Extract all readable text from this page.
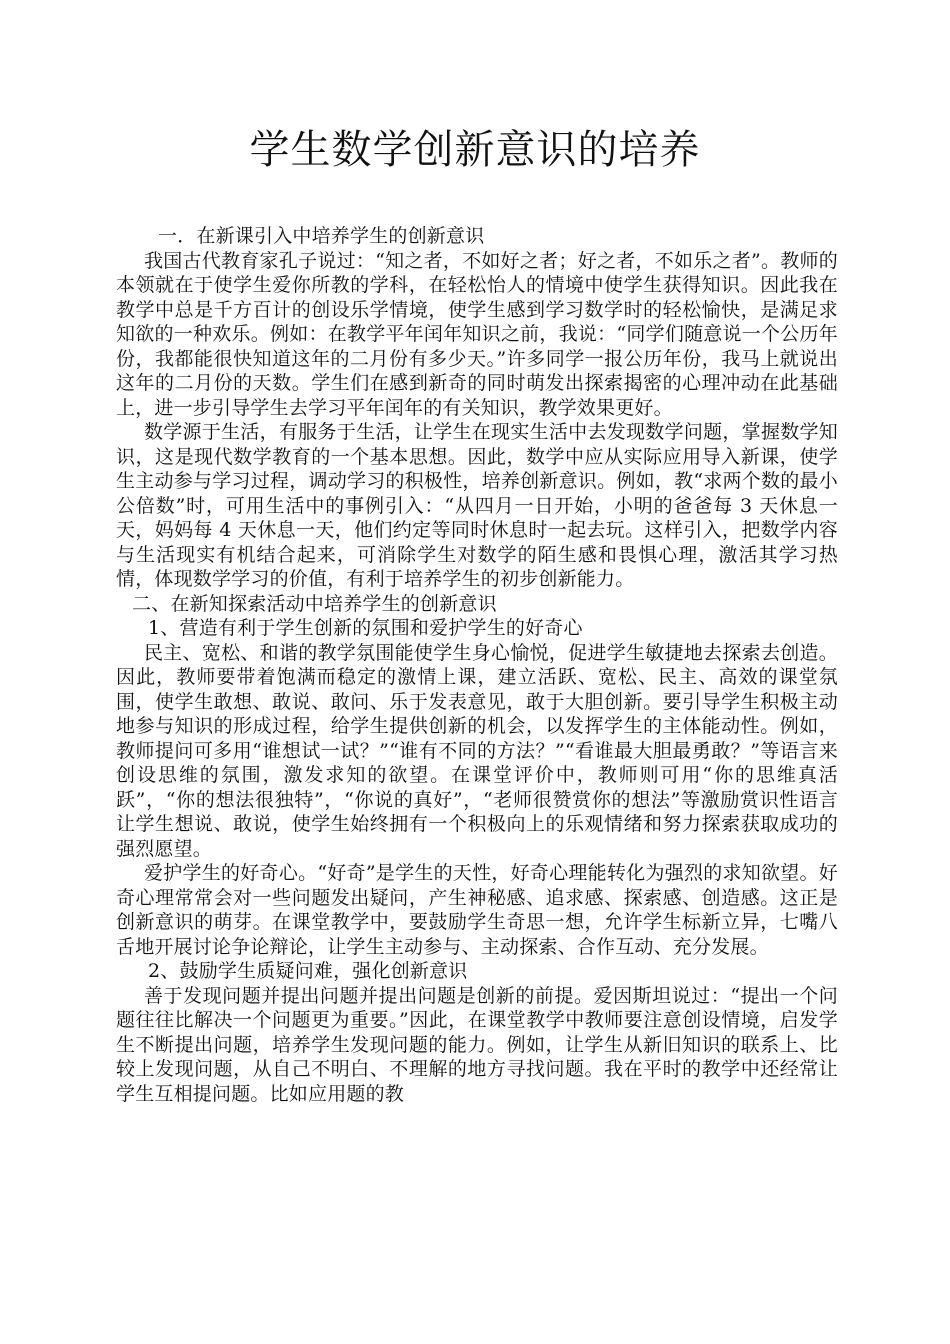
学生数学创新意识的培养

一．在新课引入中培养学生的创新意识

我国古代教育家孔子说过：“知之者，不如好之者；好之者，不如乐之者”。教师的本领就在于使学生爱你所教的学科，在轻松怡人的情境中使学生获得知识。因此我在教学中总是千方百计的创设乐学情境，使学生感到学习数学时的轻松愉快，是满足求知欲的一种欢乐。例如：在教学平年闰年知识之前，我说：“同学们随意说一个公历年份，我都能很快知道这年的二月份有多少天。”许多同学一报公历年份，我马上就说出这年的二月份的天数。学生们在感到新奇的同时萌发出探索揭密的心理冲动在此基础上，进一步引导学生去学习平年闰年的有关知识，教学效果更好。

数学源于生活，有服务于生活，让学生在现实生活中去发现数学问题，掌握数学知识，这是现代数学教育的一个基本思想。因此，数学中应从实际应用导入新课，使学生主动参与学习过程，调动学习的积极性，培养创新意识。例如，教“求两个数的最小公倍数”时，可用生活中的事例引入：“从四月一日开始，小明的爸爸每 3 天休息一天，妈妈每 4 天休息一天，他们约定等同时休息时一起去玩。这样引入，把数学内容与生活现实有机结合起来，可消除学生对数学的陌生感和畏惧心理，激活其学习热情，体现数学学习的价值，有利于培养学生的初步创新能力。

二、在新知探索活动中培养学生的创新意识

1、营造有利于学生创新的氛围和爱护学生的好奇心

民主、宽松、和谐的教学氛围能使学生身心愉悦，促进学生敏捷地去探索去创造。因此，教师要带着饱满而稳定的激情上课，建立活跃、宽松、民主、高效的课堂氛围，使学生敢想、敢说、敢问、乐于发表意见，敢于大胆创新。要引导学生积极主动地参与知识的形成过程，给学生提供创新的机会，以发挥学生的主体能动性。例如，教师提问可多用“谁想试一试？”“谁有不同的方法？”“看谁最大胆最勇敢？”等语言来创设思维的氛围，激发求知的欲望。在课堂评价中，教师则可用“你的思维真活跃”，“你的想法很独特”，“你说的真好”，“老师很赞赏你的想法”等激励赏识性语言让学生想说、敢说，使学生始终拥有一个积极向上的乐观情绪和努力探索获取成功的强烈愿望。

爱护学生的好奇心。“好奇”是学生的天性，好奇心理能转化为强烈的求知欲望。好奇心理常常会对一些问题发出疑问，产生神秘感、追求感、探索感、创造感。这正是创新意识的萌芽。在课堂教学中，要鼓励学生奇思一想，允许学生标新立异，七嘴八舌地开展讨论争论辩论，让学生主动参与、主动探索、合作互动、充分发展。

2、鼓励学生质疑问难，强化创新意识

善于发现问题并提出问题并提出问题是创新的前提。爱因斯坦说过：“提出一个问题往往比解决一个问题更为重要。”因此，在课堂教学中教师要注意创设情境，启发学生不断提出问题，培养学生发现问题的能力。例如，让学生从新旧知识的联系上、比较上发现问题，从自己不明白、不理解的地方寻找问题。我在平时的教学中还经常让学生互相提问题。比如应用题的教
